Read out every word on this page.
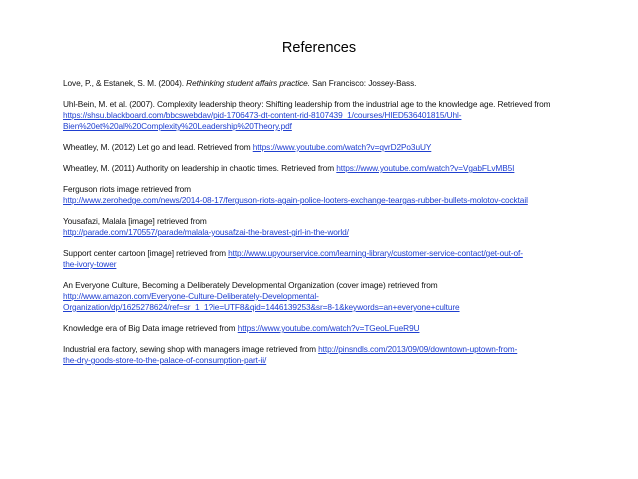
References

Love, P., & Estanek, S. M. (2004). Rethinking student affairs practice. San Francisco: Jossey-Bass.

Uhl-Bein, M. et al. (2007). Complexity leadership theory: Shifting leadership from the industrial age to the knowledge age. Retrieved from https://shsu.blackboard.com/bbcswebdav/pid-1706473-dt-content-rid-8107439_1/courses/HIED536401815/Uhl-
Bien%20et%20al%20Complexity%20Leadership%20Theory.pdf

Wheatley, M. (2012) Let go and lead. Retrieved from https://www.youtube.com/watch?v=qvrD2Po3uUY

Wheatley, M. (2011) Authority on leadership in chaotic times. Retrieved from https://www.youtube.com/watch?v=VgabFLvMB5I

Ferguson riots image retrieved from
http://www.zerohedge.com/news/2014-08-17/ferguson-riots-again-police-looters-exchange-teargas-rubber-bullets-molotov-cocktail

Yousafazi, Malala [image] retrieved from
http://parade.com/170557/parade/malala-yousafzai-the-bravest-girl-in-the-world/

Support center cartoon [image] retrieved from http://www.upyourservice.com/learning-library/customer-service-contact/get-out-of-
the-ivory-tower

An Everyone Culture, Becoming a Deliberately Developmental Organization (cover image) retrieved from
http://www.amazon.com/Everyone-Culture-Deliberately-Developmental-
Organization/dp/1625278624/ref=sr_1_1?ie=UTF8&qid=1446139253&sr=8-1&keywords=an+everyone+culture

Knowledge era of Big Data image retrieved from https://www.youtube.com/watch?v=TGeoLFueR9U

Industrial era factory, sewing shop with managers image retrieved from http://pinsndls.com/2013/09/09/downtown-uptown-from-
the-dry-goods-store-to-the-palace-of-consumption-part-ii/
